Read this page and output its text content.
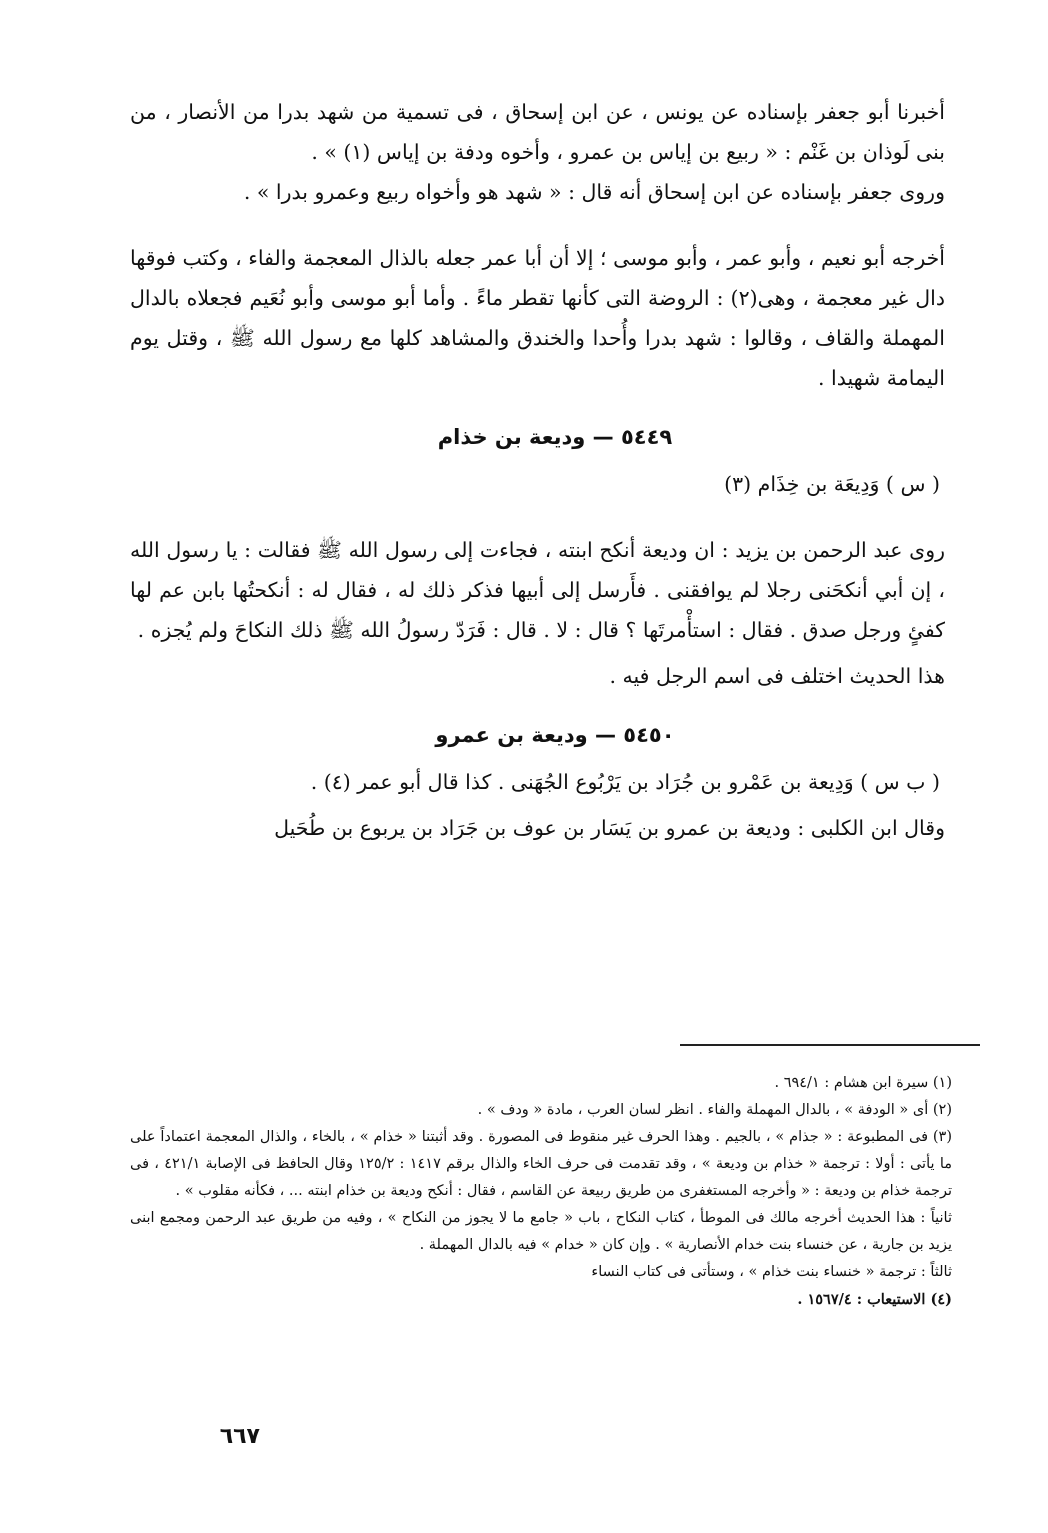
أخبرنا أبو جعفر بإسناده عن يونس ، عن ابن إسحاق ، فى تسمية من شهد بدرا من الأنصار ، من بنى لَوذان بن غَنْم : « ربيع بن إياس بن عمرو ، وأخوه ودفة بن إياس (١) » .

وروى جعفر بإسناده عن ابن إسحاق أنه قال : « شهد هو وأخواه ربيع وعمرو بدرا » .

أخرجه أبو نعيم ، وأبو عمر ، وأبو موسى ؛ إلا أن أبا عمر جعله بالذال المعجمة والفاء ، وكتب فوقها دال غير معجمة ، وهى(٢) : الروضة التى كأنها تقطر ماءً . وأما أبو موسى وأبو نُعَيم فجعلاه بالدال المهملة والقاف ، وقالوا : شهد بدرا وأُحدا والخندق والمشاهد كلها مع رسول الله ﷺ ، وقتل يوم اليمامة شهيدا .

٥٤٤٩ — وديعة بن خذام

( س ) وَدِيعَة بن خِذَام (٣)

روى عبد الرحمن بن يزيد : ان وديعة أنكح ابنته ، فجاءت إلى رسول الله ﷺ فقالت : يا رسول الله ، إن أبي أنكحَنى رجلا لم يوافقنى . فأَرسل إلى أبيها فذكر ذلك له ، فقال له : أنكحتُها بابن عم لها كفئٍ ورجل صدق . فقال : استأْمرتَها ؟ قال : لا . قال : فَرَدّ رسولُ الله ﷺ ذلك النكاحَ ولم يُجزه .

هذا الحديث اختلف فى اسم الرجل فيه .

٥٤٥٠ — وديعة بن عمرو

( ب س ) وَدِيعة بن عَمْرو بن جُرَاد بن يَرْبُوع الجُهَنى . كذا قال أبو عمر (٤) .

وقال ابن الكلبى : وديعة بن عمرو بن يَسَار بن عوف بن جَرَاد بن يربوع بن طُحَيل

(١) سيرة ابن هشام : ٦٩٤/١ .

(٢) أى « الودفة » ، بالدال المهملة والفاء . انظر لسان العرب ، مادة « ودف » .

(٣) فى المطبوعة : « جذام » ، بالجيم . وهذا الحرف غير منقوط فى المصورة . وقد أثبتنا « خذام » ، بالخاء ، والذال المعجمة اعتماداً على ما يأتى : أولا : ترجمة « خذام بن وديعة » ، وقد تقدمت فى حرف الخاء والذال برقم ١٤١٧ : ١٢٥/٢ وقال الحافظ فى الإصابة ٤٢١/١ ، فى ترجمة خذام بن وديعة : « وأخرجه المستغفرى من طريق ربيعة عن القاسم ، فقال : أنكح وديعة بن خذام ابنته ... ، فكأنه مقلوب » .

ثانياً : هذا الحديث أخرجه مالك فى الموطأ ، كتاب النكاح ، باب « جامع ما لا يجوز من النكاح » ، وفيه من طريق عبد الرحمن ومجمع ابنى يزيد بن جارية ، عن خنساء بنت خدام الأنصارية » . وإن كان « خدام » فيه بالدال المهملة .

ثالثاً : ترجمة « خنساء بنت خذام » ، وستأتى فى كتاب النساء

(٤) الاستيعاب : ١٥٦٧/٤ .

٦٦٧
